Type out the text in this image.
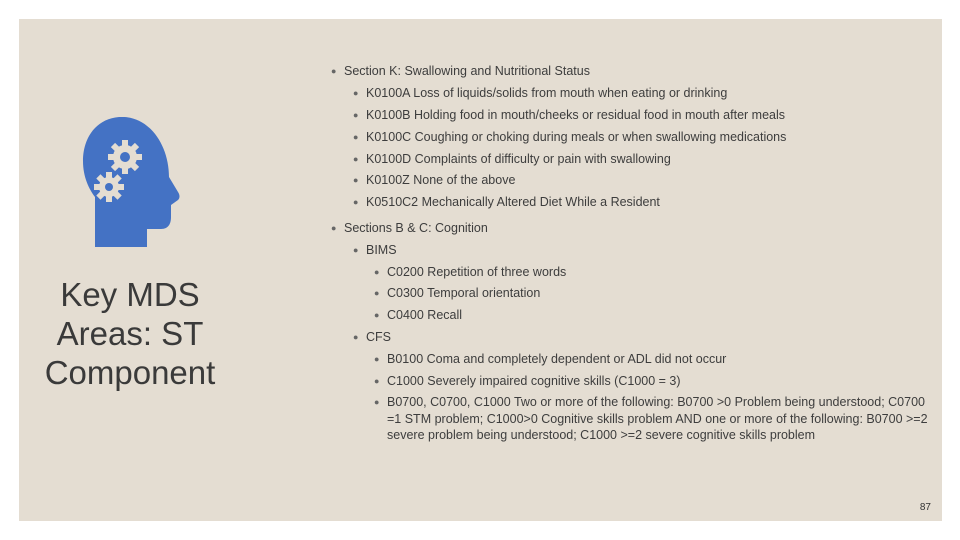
Key MDS Areas: ST Component
● Section K: Swallowing and Nutritional Status
● K0100A Loss of liquids/solids from mouth when eating or drinking
● K0100B Holding food in mouth/cheeks or residual food in mouth after meals
● K0100C Coughing or choking during meals or when swallowing medications
● K0100D Complaints of difficulty or pain with swallowing
● K0100Z None of the above
● K0510C2 Mechanically Altered Diet While a Resident
● Sections B & C: Cognition
● BIMS
● C0200 Repetition of three words
● C0300 Temporal orientation
● C0400 Recall
● CFS
● B0100 Coma and completely dependent or ADL did not occur
● C1000 Severely impaired cognitive skills (C1000 = 3)
● B0700, C0700, C1000 Two or more of the following: B0700 >0 Problem being understood; C0700 =1 STM problem; C1000>0 Cognitive skills problem AND one or more of the following: B0700 >=2 severe problem being understood; C1000 >=2 severe cognitive skills problem
87
